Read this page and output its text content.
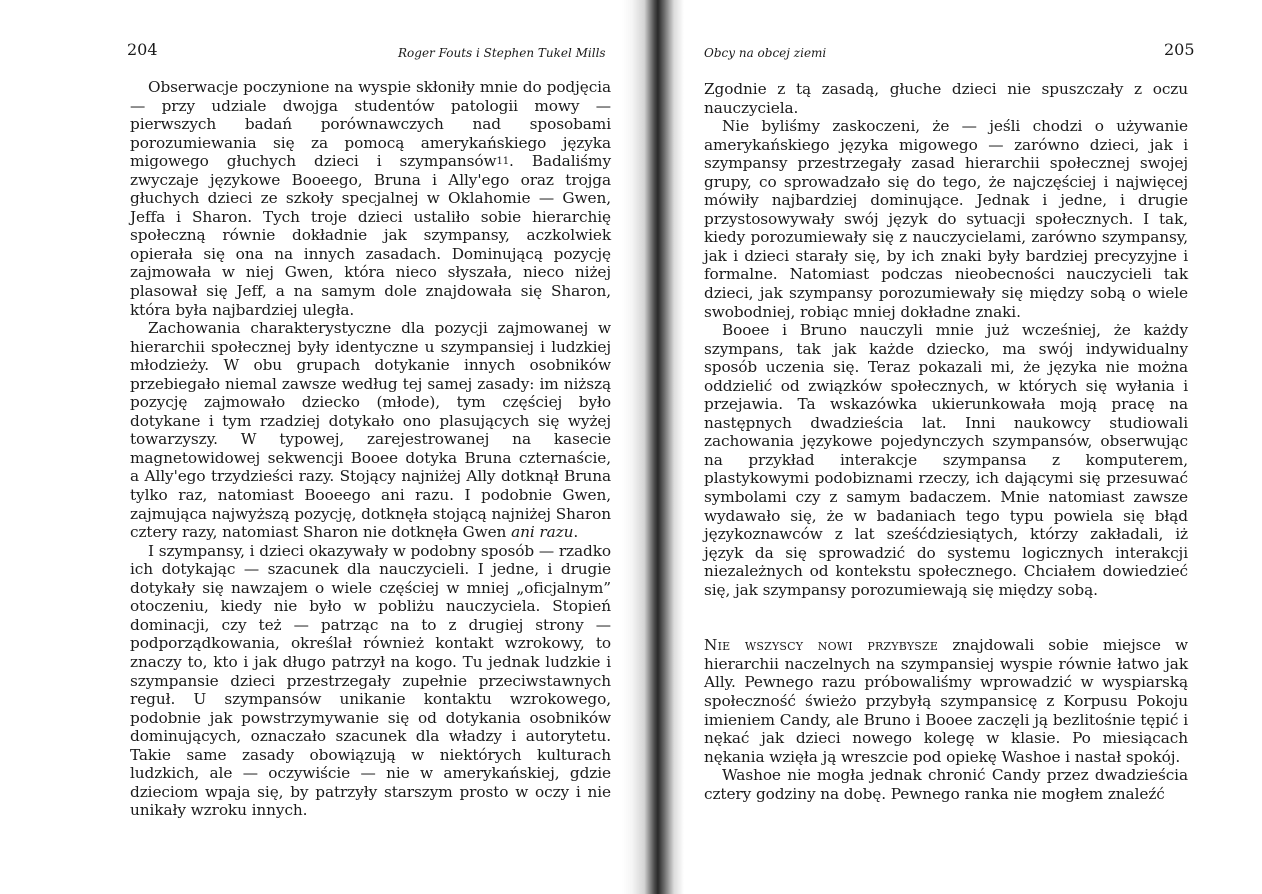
204	Roger Fouts i Stephen Tukel Mills	Obcy na obcej ziemi	205

Obserwacje poczynione na wyspie skłoniły mnie do podjęcia — przy udziale dwojga studentów patologii mowy — pierwszych badań porównawczych nad sposobami porozumiewania się za pomocą amerykańskiego języka migowego głuchych dzieci i szympansów$^{11}$. Badaliśmy zwyczaje językowe Booeego, Bruna i Ally'ego oraz trojga głuchych dzieci ze szkoły specjalnej w Oklahomie — Gwen, Jeffa i Sharon. Tych troje dzieci ustaliło sobie hierarchię społeczną równie dokładnie jak szympansy, aczkolwiek opierała się ona na innych zasadach. Dominującą pozycję zajmowała w niej Gwen, która nieco słyszała, nieco niżej plasował się Jeff, a na samym dole znajdowała się Sharon, która była najbardziej uległa.

Zachowania charakterystyczne dla pozycji zajmowanej w hierarchii społecznej były identyczne u szympansiej i ludzkiej młodzieży. W obu grupach dotykanie innych osobników przebiegało niemal zawsze według tej samej zasady: im niższą pozycję zajmowało dziecko (młode), tym częściej było dotykane i tym rzadziej dotykało ono plasujących się wyżej towarzyszy. W typowej, zarejestrowanej na kasecie magnetowidowej sekwencji Booee dotyka Bruna czternaście, a Ally'ego trzydzieści razy. Stojący najniżej Ally dotknął Bruna tylko raz, natomiast Booeego ani razu. I podobnie Gwen, zajmująca najwyższą pozycję, dotknęła stojącą najniżej Sharon cztery razy, natomiast Sharon nie dotknęła Gwen ani razu.

I szympansy, i dzieci okazywały w podobny sposób — rzadko ich dotykając — szacunek dla nauczycieli. I jedne, i drugie dotykały się nawzajem o wiele częściej w mniej „oficjalnym” otoczeniu, kiedy nie było w pobliżu nauczyciela. Stopień dominacji, czy też — patrząc na to z drugiej strony — podporządkowania, określał również kontakt wzrokowy, to znaczy to, kto i jak długo patrzył na kogo. Tu jednak ludzkie i szympansie dzieci przestrzegały zupełnie przeciwstawnych reguł. U szympansów unikanie kontaktu wzrokowego, podobnie jak powstrzymywanie się od dotykania osobników dominujących, oznaczało szacunek dla władzy i autorytetu. Takie same zasady obowiązują w niektórych kulturach ludzkich, ale — oczywiście — nie w amerykańskiej, gdzie dzieciom wpaja się, by patrzyły starszym prosto w oczy i nie unikały wzroku innych.

Zgodnie z tą zasadą, głuche dzieci nie spuszczały z oczu nauczyciela.

Nie byliśmy zaskoczeni, że — jeśli chodzi o używanie amerykańskiego języka migowego — zarówno dzieci, jak i szympansy przestrzegały zasad hierarchii społecznej swojej grupy, co sprowadzało się do tego, że najczęściej i najwięcej mówiły najbardziej dominujące. Jednak i jedne, i drugie przystosowywały swój język do sytuacji społecznych. I tak, kiedy porozumiewały się z nauczycielami, zarówno szympansy, jak i dzieci starały się, by ich znaki były bardziej precyzyjne i formalne. Natomiast podczas nieobecności nauczycieli tak dzieci, jak szympansy porozumiewały się między sobą o wiele swobodniej, robiąc mniej dokładne znaki.

Booee i Bruno nauczyli mnie już wcześniej, że każdy szympans, tak jak każde dziecko, ma swój indywidualny sposób uczenia się. Teraz pokazali mi, że języka nie można oddzielić od związków społecznych, w których się wyłania i przejawia. Ta wskazówka ukierunkowała moją pracę na następnych dwadzieścia lat. Inni naukowcy studiowali zachowania językowe pojedynczych szympansów, obserwując na przykład interakcje szympansa z komputerem, plastykowymi podobiznami rzeczy, ich dającymi się przesuwać symbolami czy z samym badaczem. Mnie natomiast zawsze wydawało się, że w badaniach tego typu powiela się błąd językoznawców z lat sześćdziesiątych, którzy zakładali, iż język da się sprowadzić do systemu logicznych interakcji niezależnych od kontekstu społecznego. Chciałem dowiedzieć się, jak szympansy porozumiewają się między sobą.

Nie wszyscy nowi przybysze znajdowali sobie miejsce w hierarchii naczelnych na szympansiej wyspie równie łatwo jak Ally. Pewnego razu próbowaliśmy wprowadzić w wyspiarską społeczność świeżo przybyłą szympansicę z Korpusu Pokoju imieniem Candy, ale Bruno i Booee zaczęli ją bezlitośnie tępić i nękać jak dzieci nowego kolegę w klasie. Po miesiącach nękania wzięła ją wreszcie pod opiekę Washoe i nastał spokój.

Washoe nie mogła jednak chronić Candy przez dwadzieścia cztery godziny na dobę. Pewnego ranka nie mogłem znaleźć
